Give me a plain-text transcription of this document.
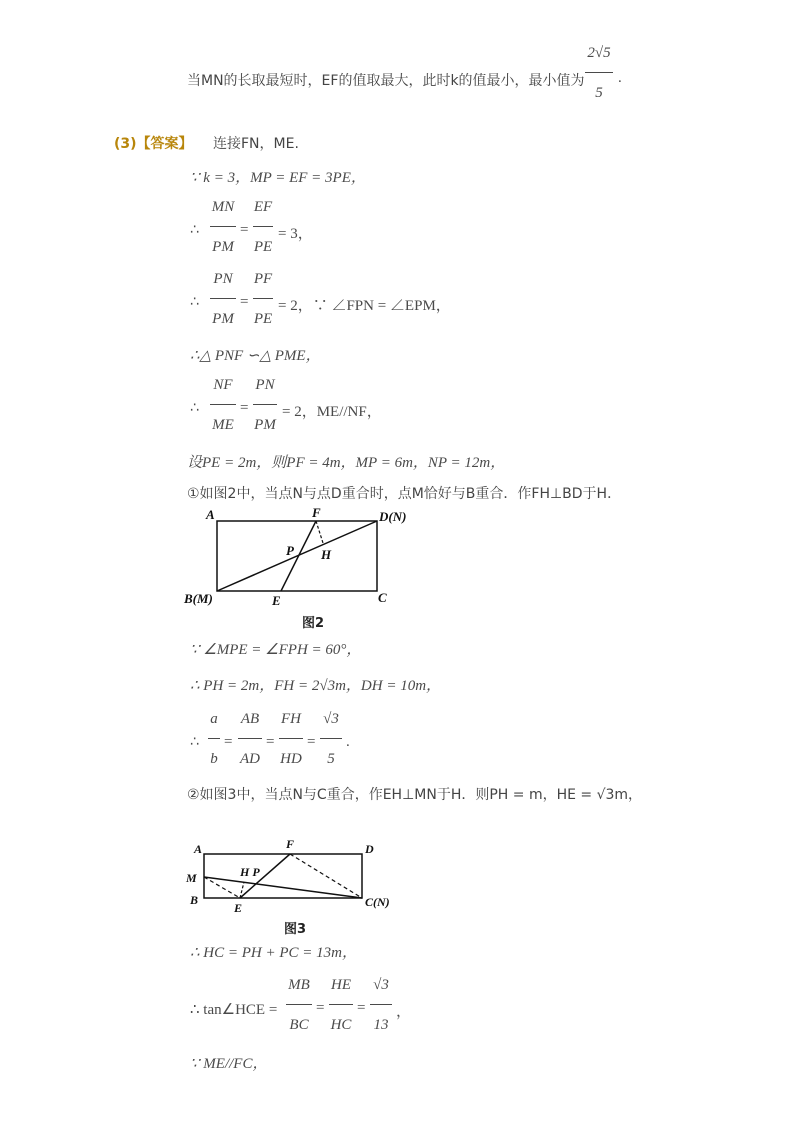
当MN的长取最短时，EF的值取最大，此时k的值最小，最小值为
2√5
5
.
(3)【答案】 连接FN，ME.
∵ k = 3，MP = EF = 3PE，
∴
MN
PM
=
EF
PE
= 3，
∴
PN
PM
=
PF
PE
= 2，∵ ∠FPN = ∠EPM，
∴△ PNF ∽△ PME，
∴
NF
ME
=
PN
PM
= 2，ME//NF，
设PE = 2m，则PF = 4m，MP = 6m，NP = 12m，
①如图2中，当点N与点D重合时，点M恰好与B重合．作FH⊥BD于H．
A	F	D(N)
P H
B(M)	E	C
图2
∵ ∠MPE = ∠FPH = 60°，
∴ PH = 2m，FH = 2√3m，DH = 10m，
∴
a
b
=
AB
AD
=
FH
HD
=
√3
5
.
②如图3中，当点N与C重合，作EH⊥MN于H．则PH = m，HE = √3m，
A	F	D
M	H P
B
E	C(N)
图3
∴ HC = PH + PC = 13m，
∴ tan∠HCE =
MB
BC
=
HE
HC
=
√3
13
，
∵ ME//FC，
